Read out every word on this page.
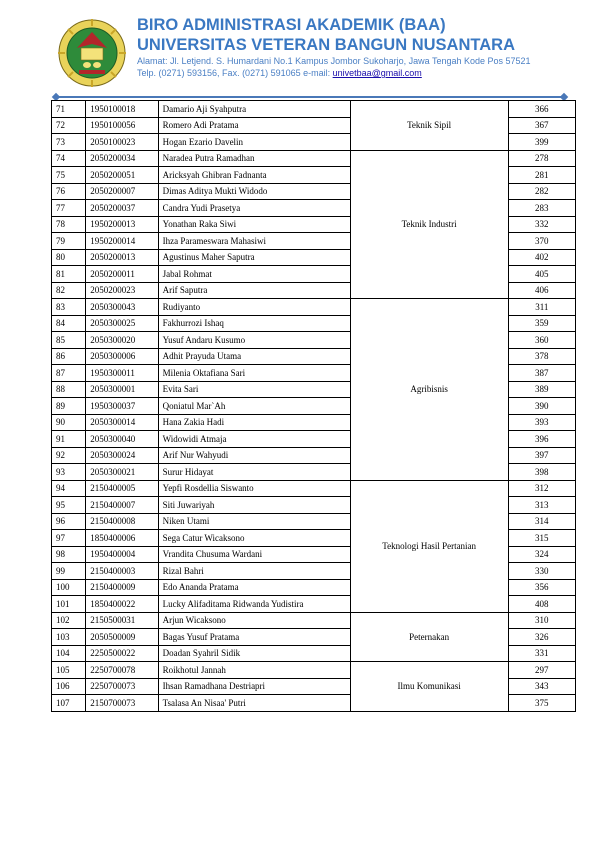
BIRO ADMINISTRASI AKADEMIK (BAA)
UNIVERSITAS VETERAN BANGUN NUSANTARA
Alamat: Jl. Letjend. S. Humardani No.1 Kampus Jombor Sukoharjo, Jawa Tengah Kode Pos 57521
Telp. (0271) 593156, Fax. (0271) 591065 e-mail: univetbaa@gmail.com
71	1950100018	Damario Aji Syahputra	Teknik Sipil	366
72	1950100056	Romero Adi Pratama		367
73	2050100023	Hogan Ezario Davelin		399
74	2050200034	Naradea Putra Ramadhan	Teknik Industri	278
75	2050200051	Aricksyah Ghibran Fadnanta		281
76	2050200007	Dimas Aditya Mukti Widodo		282
77	2050200037	Candra Yudi Prasetya		283
78	1950200013	Yonathan Raka Siwi		332
79	1950200014	Ihza Parameswara Mahasiwi		370
80	2050200013	Agustinus Maher Saputra		402
81	2050200011	Jabal Rohmat		405
82	2050200023	Arif Saputra		406
83	2050300043	Rudiyanto	Agribisnis	311
84	2050300025	Fakhurrozi Ishaq		359
85	2050300020	Yusuf Andaru Kusumo		360
86	2050300006	Adhit Prayuda Utama		378
87	1950300011	Milenia Oktafiana Sari		387
88	2050300001	Evita Sari		389
89	1950300037	Qoniatul Mar`Ah		390
90	2050300014	Hana Zakia Hadi		393
91	2050300040	Widowidi Atmaja		396
92	2050300024	Arif Nur Wahyudi		397
93	2050300021	Surur Hidayat		398
94	2150400005	Yepfi Rosdellia Siswanto	Teknologi Hasil Pertanian	312
95	2150400007	Siti Juwariyah		313
96	2150400008	Niken Utami		314
97	1850400006	Sega Catur Wicaksono		315
98	1950400004	Vrandita Chusuma Wardani		324
99	2150400003	Rizal Bahri		330
100	2150400009	Edo Ananda Pratama		356
101	1850400022	Lucky Alifaditama Ridwanda Yudistira		408
102	2150500031	Arjun Wicaksono	Peternakan	310
103	2050500009	Bagas Yusuf Pratama		326
104	2250500022	Doadan Syahril Sidik		331
105	2250700078	Roikhotul Jannah	Ilmu Komunikasi	297
106	2250700073	Ihsan Ramadhana Destriapri		343
107	2150700073	Tsalasa An Nisaa' Putri		375
